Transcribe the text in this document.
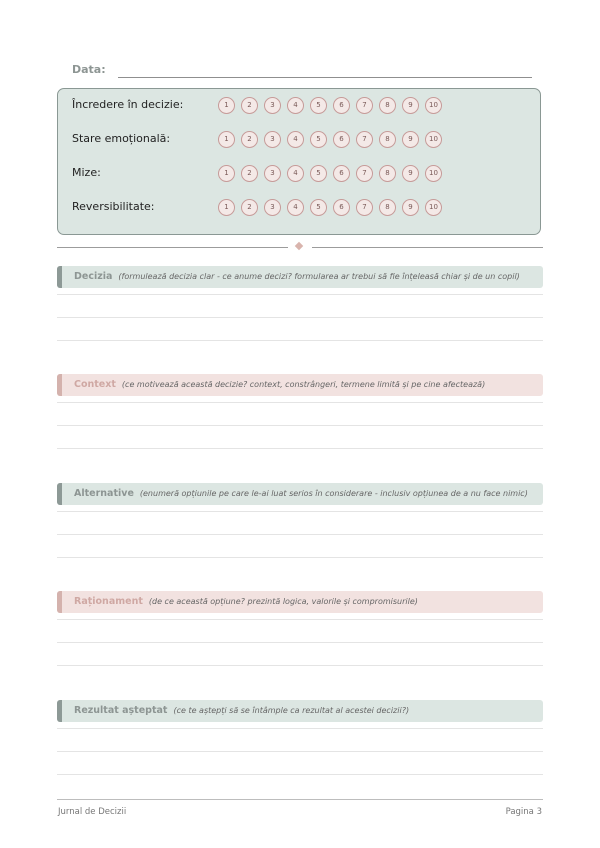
Data:
Încredere în decizie:	1	2	3	4	5	6	7	8	9	10
Stare emoțională:	1	2	3	4	5	6	7	8	9	10
Mize:	1	2	3	4	5	6	7	8	9	10
Reversibilitate:	1	2	3	4	5	6	7	8	9	10
Decizia (formulează decizia clar - ce anume decizi? formularea ar trebui să fie înțeleasă chiar și de un copil)
Context (ce motivează această decizie? context, constrângeri, termene limită și pe cine afectează)
Alternative (enumeră opțiunile pe care le-ai luat serios în considerare - inclusiv opțiunea de a nu face nimic)
Raționament (de ce această opțiune? prezintă logica, valorile și compromisurile)
Rezultat așteptat (ce te aștepți să se întâmple ca rezultat al acestei decizii?)
Jurnal de Decizii	Pagina 3
